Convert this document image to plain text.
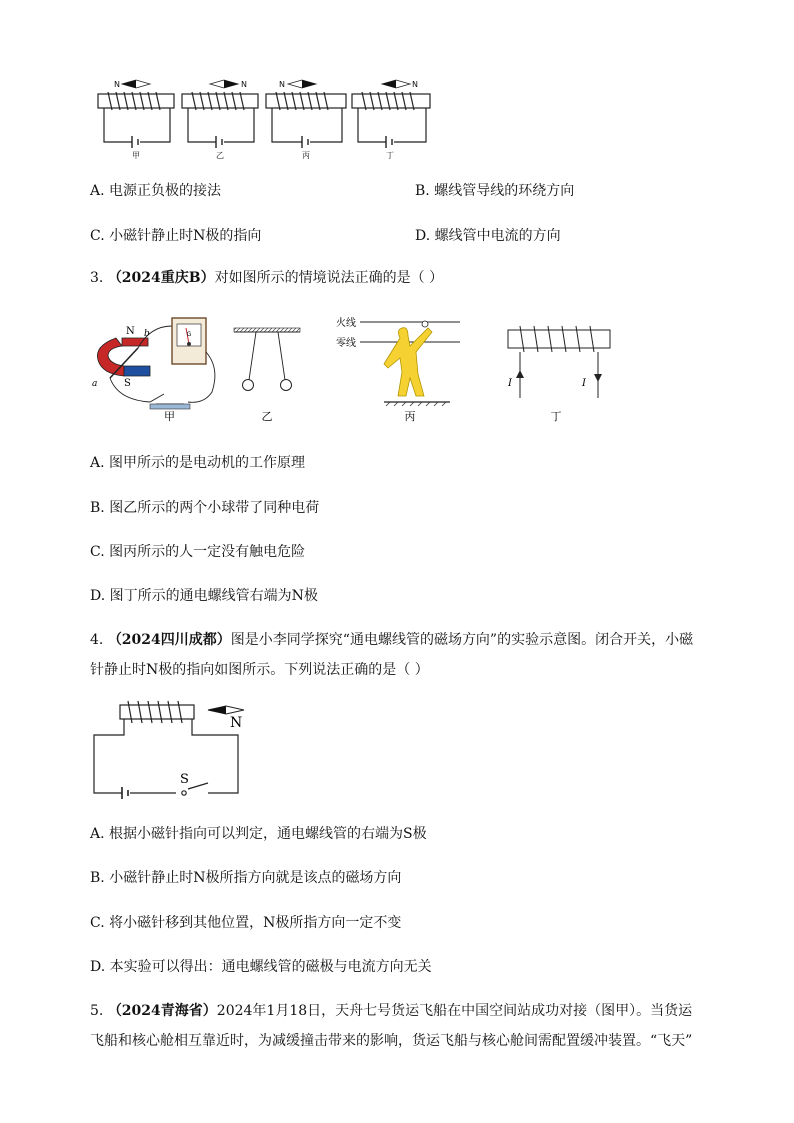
N	N	N	N
甲	乙	丙	丁
A. 电源正负极的接法	B. 螺线管导线的环绕方向
C. 小磁针静止时N极的指向	D. 螺线管中电流的方向
3. （2024重庆B）对如图所示的情境说法正确的是（ ）
N
S
a
b	G
甲	乙
火线
零线
丙
I	I
丁
A. 图甲所示的是电动机的工作原理
B. 图乙所示的两个小球带了同种电荷
C. 图丙所示的人一定没有触电危险
D. 图丁所示的通电螺线管右端为N极
4. （2024四川成都）图是小李同学探究“通电螺线管的磁场方向”的实验示意图。闭合开关，小磁
针静止时N极的指向如图所示。下列说法正确的是（ ）
N
S
A. 根据小磁针指向可以判定，通电螺线管的右端为S极
B. 小磁针静止时N极所指方向就是该点的磁场方向
C. 将小磁针移到其他位置，N极所指方向一定不变
D. 本实验可以得出：通电螺线管的磁极与电流方向无关
5. （2024青海省）2024年1月18日，天舟七号货运飞船在中国空间站成功对接（图甲）。当货运
飞船和核心舱相互靠近时，为减缓撞击带来的影响，货运飞船与核心舱间需配置缓冲装置。“飞天”
